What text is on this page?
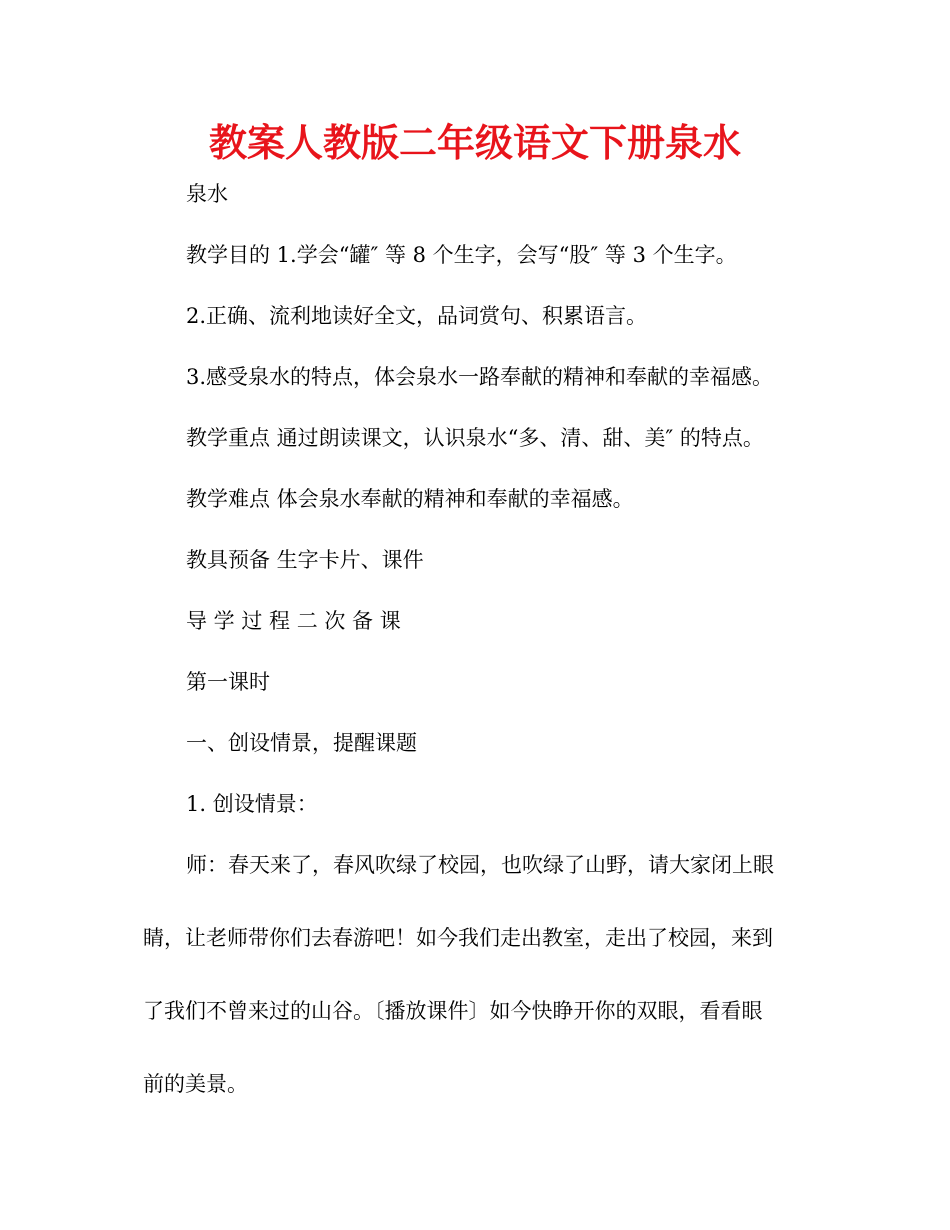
教案人教版二年级语文下册泉水

泉水

教学目的 1.学会“罐″ 等 8 个生字，会写“股″ 等 3 个生字。

2.正确、流利地读好全文，品词赏句、积累语言。

3.感受泉水的特点，体会泉水一路奉献的精神和奉献的幸福感。

教学重点 通过朗读课文，认识泉水“多、清、甜、美″ 的特点。

教学难点 体会泉水奉献的精神和奉献的幸福感。

教具预备 生字卡片、课件

导 学 过 程 二 次 备 课

第一课时

一、创设情景，提醒课题

1. 创设情景：

师：春天来了，春风吹绿了校园，也吹绿了山野，请大家闭上眼

睛，让老师带你们去春游吧！如今我们走出教室，走出了校园，来到

了我们不曾来过的山谷。〔播放课件〕如今快睁开你的双眼，看看眼

前的美景。
